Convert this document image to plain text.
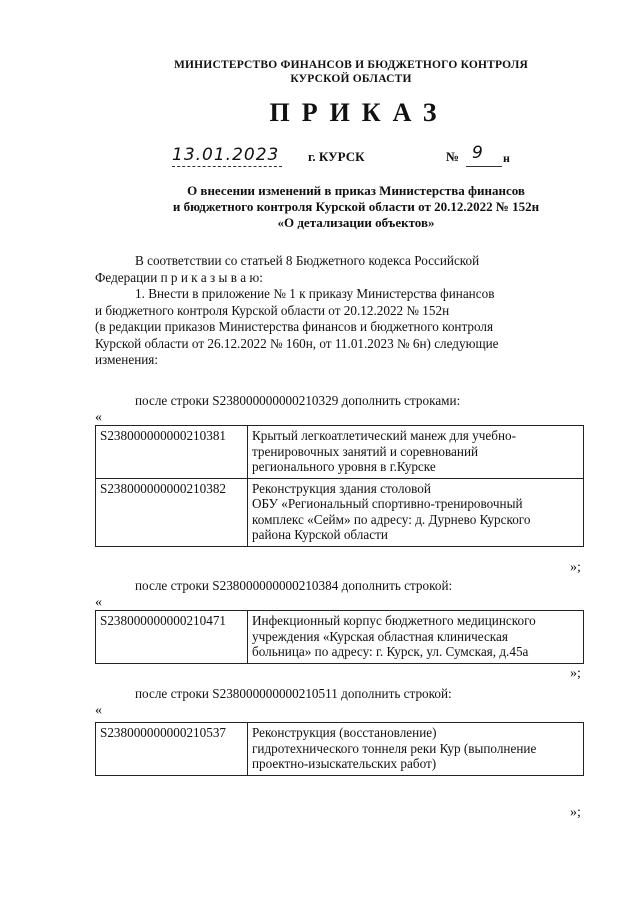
МИНИСТЕРСТВО ФИНАНСОВ И БЮДЖЕТНОГО КОНТРОЛЯ
КУРСКОЙ ОБЛАСТИ
ПРИКАЗ
13.01.2023 г. КУРСК	№ 9 н
О внесении изменений в приказ Министерства финансов
и бюджетного контроля Курской области от 20.12.2022 № 152н
«О детализации объектов»
В соответствии со статьей 8 Бюджетного кодекса Российской
Федерации п р и к а з ы в а ю:
1. Внести в приложение № 1 к приказу Министерства финансов
и бюджетного контроля Курской области от 20.12.2022 № 152н
(в редакции приказов Министерства финансов и бюджетного контроля
Курской области от 26.12.2022 № 160н, от 11.01.2023 № 6н) следующие
изменения:
после строки S238000000000210329 дополнить строками:
«
S238000000000210381	Крытый легкоатлетический манеж для учебно-
тренировочных занятий и соревнований
регионального уровня в г.Курске

S238000000000210382	Реконструкция здания столовой
ОБУ «Региональный спортивно-тренировочный
комплекс «Сейм» по адресу: д. Дурнево Курского
района Курской области
»;
после строки S238000000000210384 дополнить строкой:
«
S238000000000210471	Инфекционный корпус бюджетного медицинского
учреждения «Курская областная клиническая
больница» по адресу: г. Курск, ул. Сумская, д.45а
»;
после строки S238000000000210511 дополнить строкой:
«
S238000000000210537	Реконструкция (восстановление)
гидротехнического тоннеля реки Кур (выполнение
проектно-изыскательских работ)
»;
